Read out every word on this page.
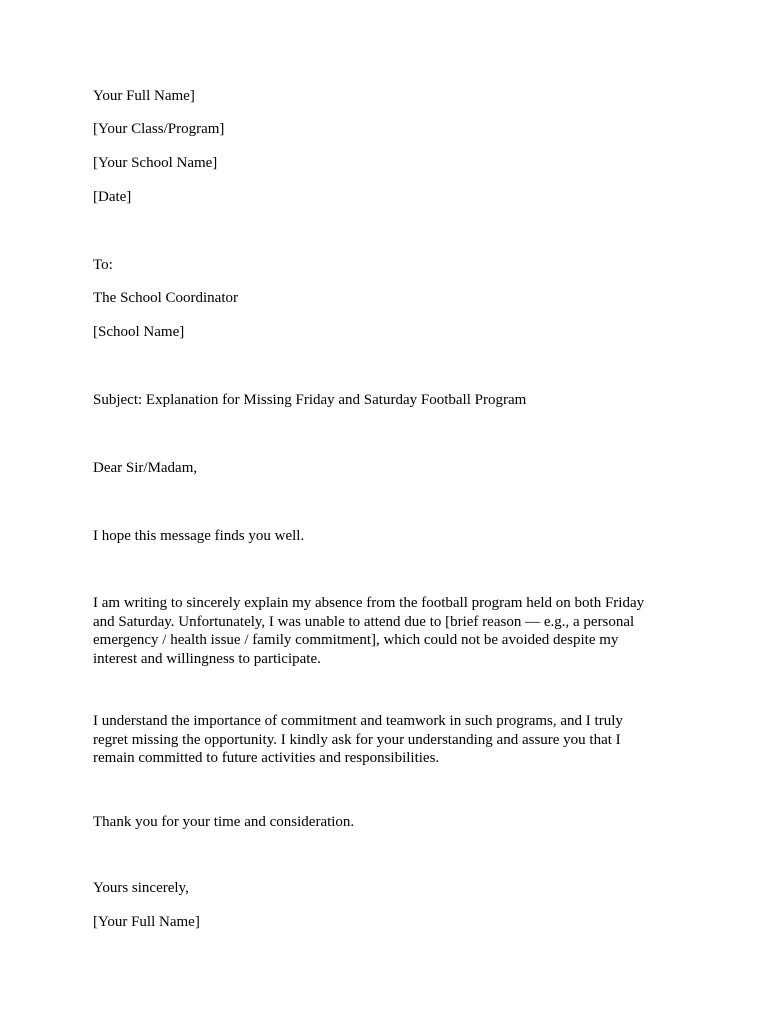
Your Full Name]

[Your Class/Program]

[Your School Name]

[Date]

To:

The School Coordinator

[School Name]

Subject: Explanation for Missing Friday and Saturday Football Program

Dear Sir/Madam,

I hope this message finds you well.

I am writing to sincerely explain my absence from the football program held on both Friday
and Saturday. Unfortunately, I was unable to attend due to [brief reason — e.g., a personal
emergency / health issue / family commitment], which could not be avoided despite my
interest and willingness to participate.
I understand the importance of commitment and teamwork in such programs, and I truly
regret missing the opportunity. I kindly ask for your understanding and assure you that I
remain committed to future activities and responsibilities.

Thank you for your time and consideration.

Yours sincerely,

[Your Full Name]
